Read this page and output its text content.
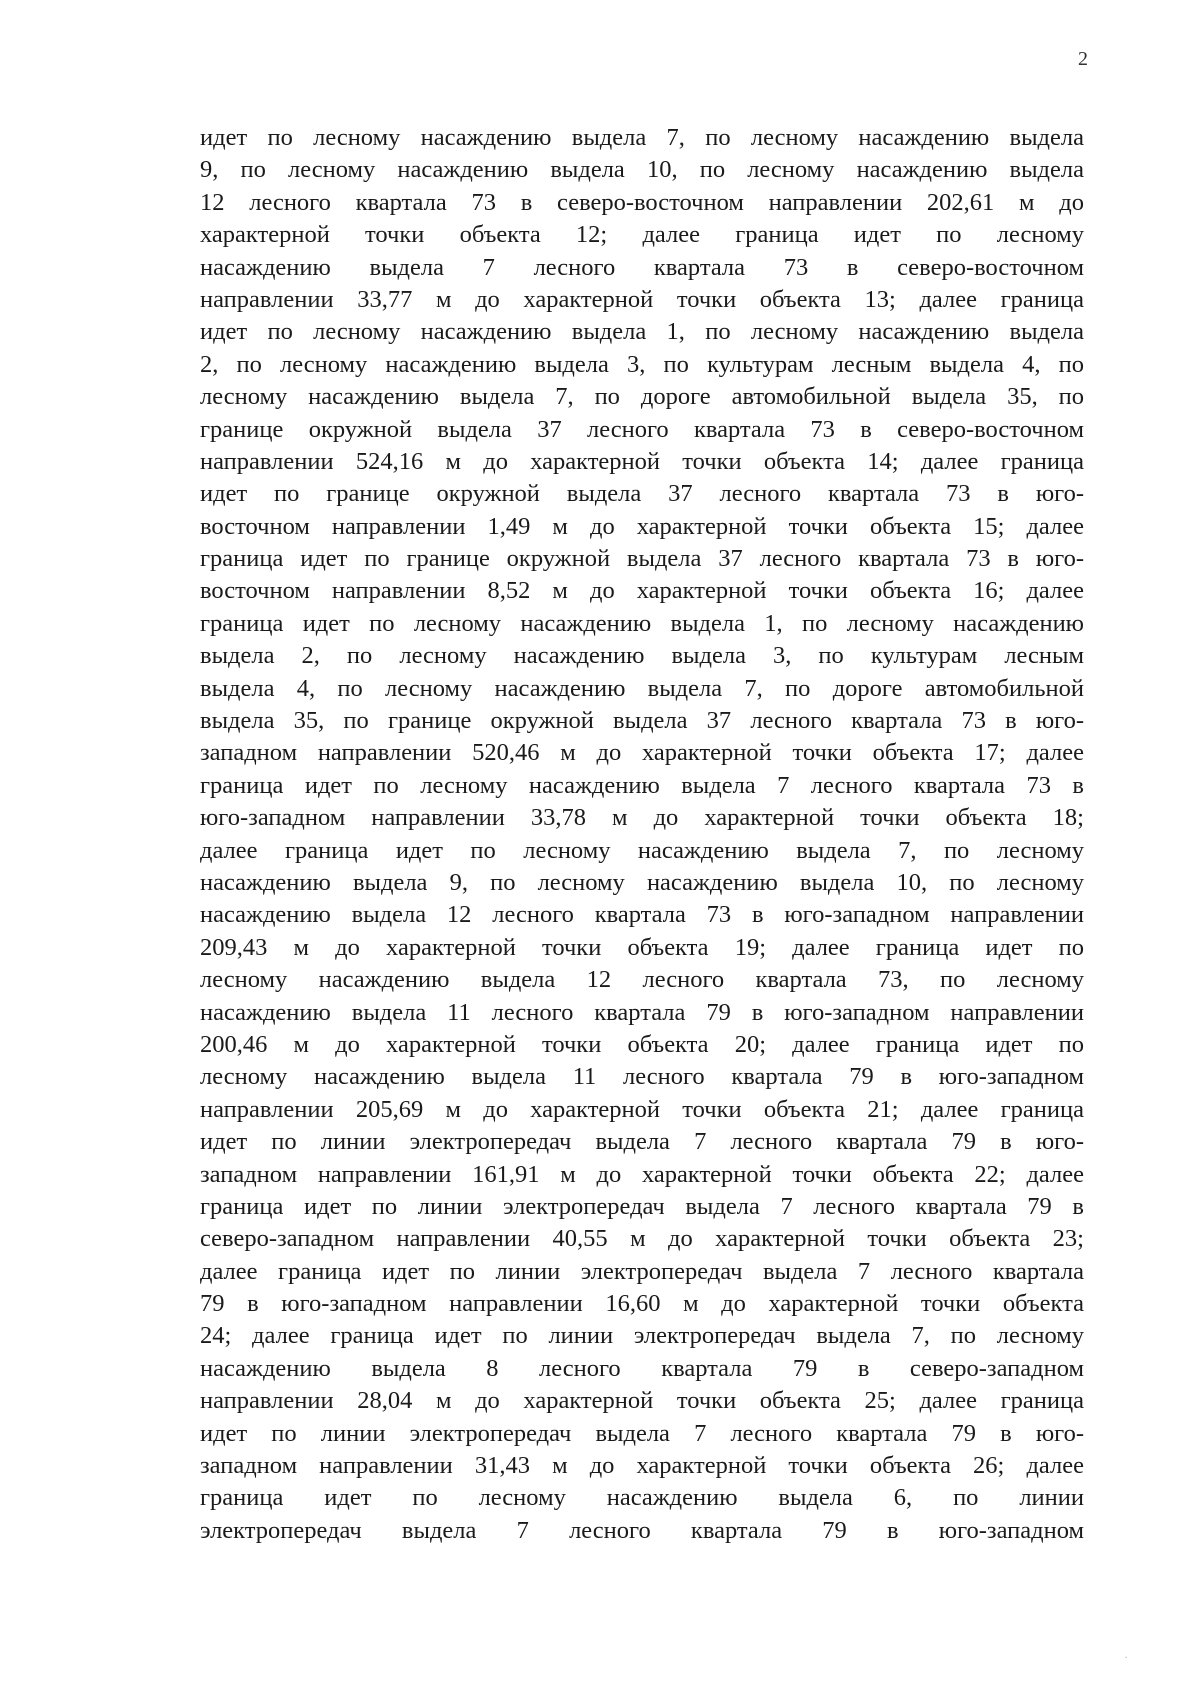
2
идет по лесному насаждению выдела 7, по лесному насаждению выдела
9, по лесному насаждению выдела 10, по лесному насаждению выдела
12 лесного квартала 73 в северо-восточном направлении 202,61 м до
характерной точки объекта 12; далее граница идет по лесному
насаждению выдела 7 лесного квартала 73 в северо-восточном
направлении 33,77 м до характерной точки объекта 13; далее граница
идет по лесному насаждению выдела 1, по лесному насаждению выдела
2, по лесному насаждению выдела 3, по культурам лесным выдела 4, по
лесному насаждению выдела 7, по дороге автомобильной выдела 35, по
границе окружной выдела 37 лесного квартала 73 в северо-восточном
направлении 524,16 м до характерной точки объекта 14; далее граница
идет по границе окружной выдела 37 лесного квартала 73 в юго-
восточном направлении 1,49 м до характерной точки объекта 15; далее
граница идет по границе окружной выдела 37 лесного квартала 73 в юго-
восточном направлении 8,52 м до характерной точки объекта 16; далее
граница идет по лесному насаждению выдела 1, по лесному насаждению
выдела 2, по лесному насаждению выдела 3, по культурам лесным
выдела 4, по лесному насаждению выдела 7, по дороге автомобильной
выдела 35, по границе окружной выдела 37 лесного квартала 73 в юго-
западном направлении 520,46 м до характерной точки объекта 17; далее
граница идет по лесному насаждению выдела 7 лесного квартала 73 в
юго-западном направлении 33,78 м до характерной точки объекта 18;
далее граница идет по лесному насаждению выдела 7, по лесному
насаждению выдела 9, по лесному насаждению выдела 10, по лесному
насаждению выдела 12 лесного квартала 73 в юго-западном направлении
209,43 м до характерной точки объекта 19; далее граница идет по
лесному насаждению выдела 12 лесного квартала 73, по лесному
насаждению выдела 11 лесного квартала 79 в юго-западном направлении
200,46 м до характерной точки объекта 20; далее граница идет по
лесному насаждению выдела 11 лесного квартала 79 в юго-западном
направлении 205,69 м до характерной точки объекта 21; далее граница
идет по линии электропередач выдела 7 лесного квартала 79 в юго-
западном направлении 161,91 м до характерной точки объекта 22; далее
граница идет по линии электропередач выдела 7 лесного квартала 79 в
северо-западном направлении 40,55 м до характерной точки объекта 23;
далее граница идет по линии электропередач выдела 7 лесного квартала
79 в юго-западном направлении 16,60 м до характерной точки объекта
24; далее граница идет по линии электропередач выдела 7, по лесному
насаждению выдела 8 лесного квартала 79 в северо-западном
направлении 28,04 м до характерной точки объекта 25; далее граница
идет по линии электропередач выдела 7 лесного квартала 79 в юго-
западном направлении 31,43 м до характерной точки объекта 26; далее
граница идет по лесному насаждению выдела 6, по линии
электропередач выдела 7 лесного квартала 79 в юго-западном
·
